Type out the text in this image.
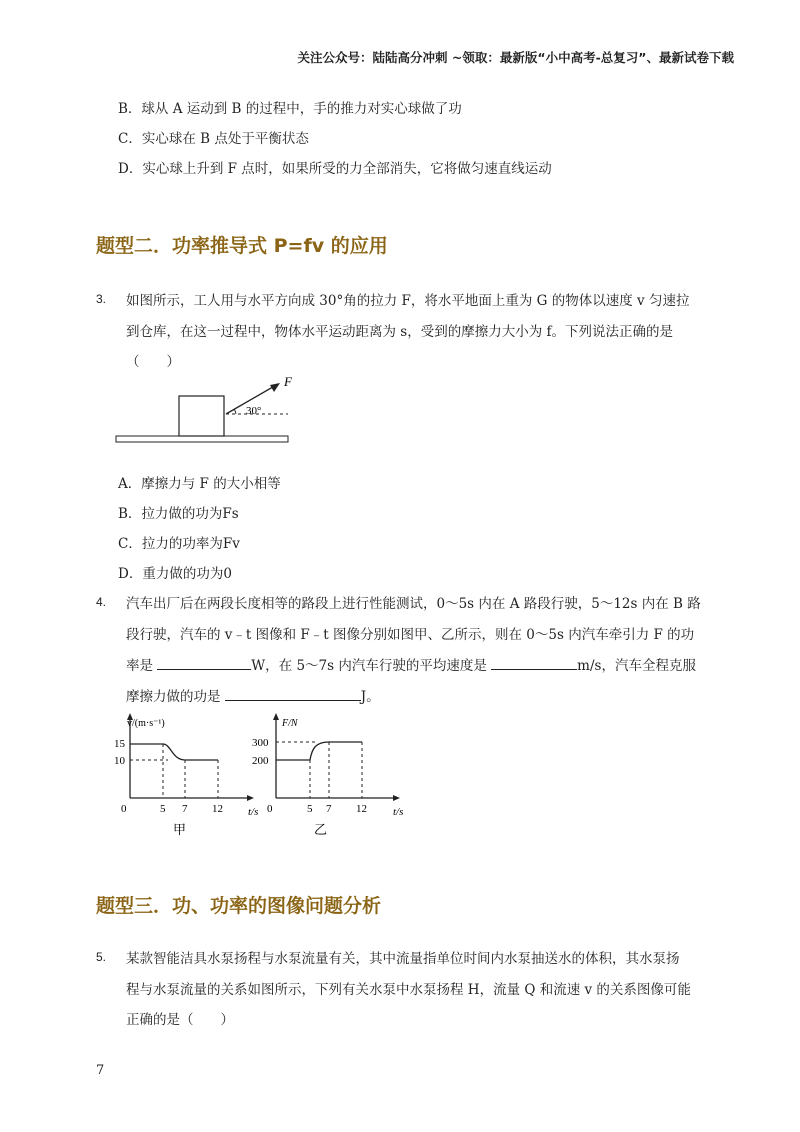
关注公众号：陆陆高分冲刺 ~领取：最新版“小中高考-总复习”、最新试卷下载
B．球从 A 运动到 B 的过程中，手的推力对实心球做了功
C．实心球在 B 点处于平衡状态
D．实心球上升到 F 点时，如果所受的力全部消失，它将做匀速直线运动
题型二．功率推导式 P=fv 的应用
3. 如图所示，工人用与水平方向成 30°角的拉力 F，将水平地面上重为 G 的物体以速度 v 匀速拉
到仓库，在这一过程中，物体水平运动距离为 s，受到的摩擦力大小为 f。下列说法正确的是
（　　）
F
30°
A．摩擦力与 F 的大小相等
B．拉力做的功为Fs
C．拉力的功率为Fv
D．重力做的功为0
4. 汽车出厂后在两段长度相等的路段上进行性能测试，0～5s 内在 A 路段行驶，5～12s 内在 B 路
段行驶，汽车的 v﹣t 图像和 F﹣t 图像分别如图甲、乙所示，则在 0～5s 内汽车牵引力 F 的功
率是	W，在 5～7s 内汽车行驶的平均速度是	m/s，汽车全程克服
摩擦力做的功是	J。
v/(m·s⁻¹)
15
10
0	5 7 12 t/s
甲
F/N
300
200
0	5 7 12 t/s
乙
题型三．功、功率的图像问题分析
5. 某款智能洁具水泵扬程与水泵流量有关，其中流量指单位时间内水泵抽送水的体积，其水泵扬
程与水泵流量的关系如图所示，下列有关水泵中水泵扬程 H，流量 Q 和流速 v 的关系图像可能
正确的是（　　）
7
